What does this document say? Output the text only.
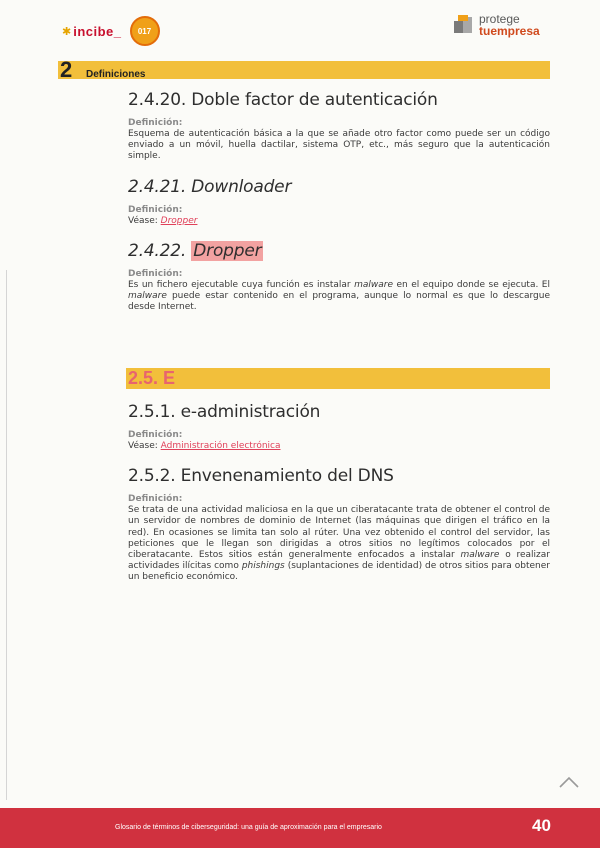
✱ incibe_	017
protege
tuempresa
2 Definiciones
2.4.20. Doble factor de autenticación
Definición:
Esquema de autenticación básica a la que se añade otro factor como puede ser un código enviado a un móvil, huella dactilar, sistema OTP, etc., más seguro que la autenticación simple.
2.4.21. Downloader
Definición:
Véase: Dropper
2.4.22. Dropper
Definición:
Es un fichero ejecutable cuya función es instalar malware en el equipo donde se ejecuta. El malware puede estar contenido en el programa, aunque lo normal es que lo descargue desde Internet.
2.5. E
2.5.1. e-administración
Definición:
Véase: Administración electrónica
2.5.2. Envenenamiento del DNS
Definición:
Se trata de una actividad maliciosa en la que un ciberatacante trata de obtener el control de un servidor de nombres de dominio de Internet (las máquinas que dirigen el tráfico en la red). En ocasiones se limita tan solo al rúter. Una vez obtenido el control del servidor, las peticiones que le llegan son dirigidas a otros sitios no legítimos colocados por el ciberatacante. Estos sitios están generalmente enfocados a instalar malware o realizar actividades ilícitas como phishings (suplantaciones de identidad) de otros sitios para obtener un beneficio económico.
Glosario de términos de ciberseguridad: una guía de aproximación para el empresario	40
